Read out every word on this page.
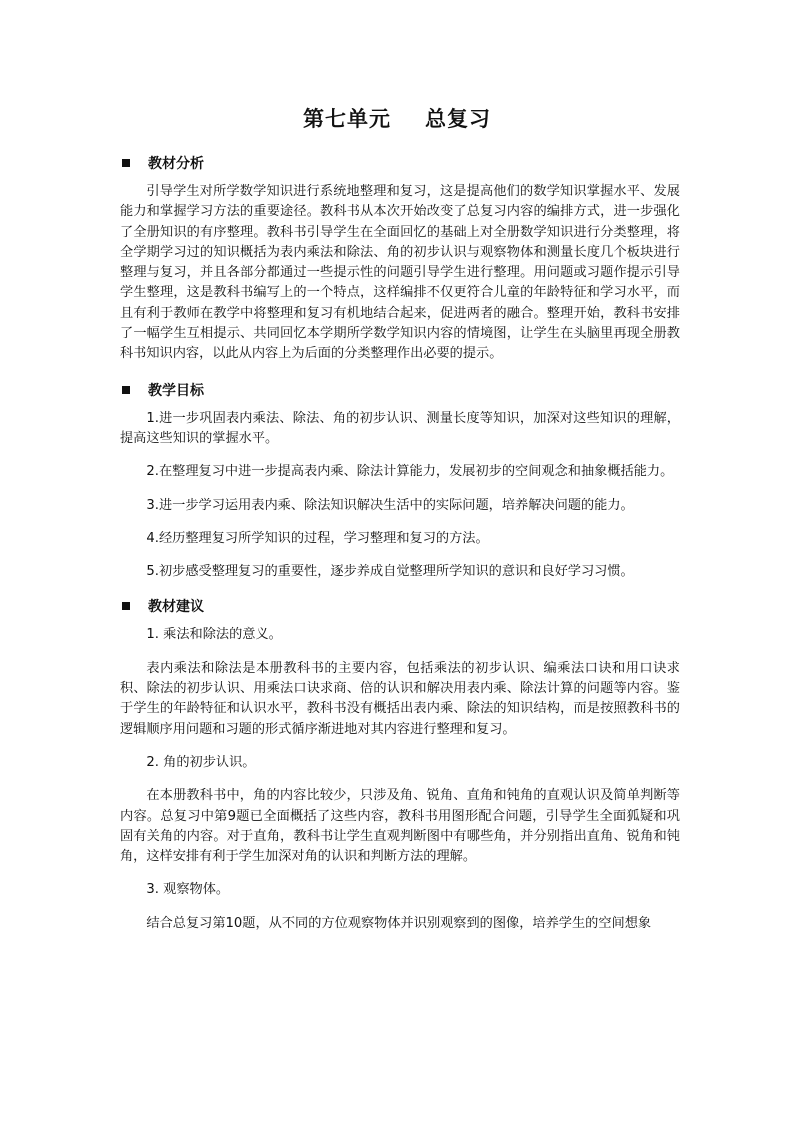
第七单元 总复习
教材分析

引导学生对所学数学知识进行系统地整理和复习，这是提高他们的数学知识掌握水平、发展能力和掌握学习方法的重要途径。教科书从本次开始改变了总复习内容的编排方式，进一步强化了全册知识的有序整理。教科书引导学生在全面回忆的基础上对全册数学知识进行分类整理，将全学期学习过的知识概括为表内乘法和除法、角的初步认识与观察物体和测量长度几个板块进行整理与复习，并且各部分都通过一些提示性的问题引导学生进行整理。用问题或习题作提示引导学生整理，这是教科书编写上的一个特点，这样编排不仅更符合儿童的年龄特征和学习水平，而且有利于教师在教学中将整理和复习有机地结合起来，促进两者的融合。整理开始，教科书安排了一幅学生互相提示、共同回忆本学期所学数学知识内容的情境图，让学生在头脑里再现全册教科书知识内容，以此从内容上为后面的分类整理作出必要的提示。

教学目标

1.进一步巩固表内乘法、除法、角的初步认识、测量长度等知识，加深对这些知识的理解，提高这些知识的掌握水平。

2.在整理复习中进一步提高表内乘、除法计算能力，发展初步的空间观念和抽象概括能力。

3.进一步学习运用表内乘、除法知识解决生活中的实际问题，培养解决问题的能力。

4.经历整理复习所学知识的过程，学习整理和复习的方法。

5.初步感受整理复习的重要性，逐步养成自觉整理所学知识的意识和良好学习习惯。

教材建议

1. 乘法和除法的意义。

表内乘法和除法是本册教科书的主要内容，包括乘法的初步认识、编乘法口诀和用口诀求积、除法的初步认识、用乘法口诀求商、倍的认识和解决用表内乘、除法计算的问题等内容。鉴于学生的年龄特征和认识水平，教科书没有概括出表内乘、除法的知识结构，而是按照教科书的逻辑顺序用问题和习题的形式循序渐进地对其内容进行整理和复习。

2. 角的初步认识。

在本册教科书中，角的内容比较少，只涉及角、锐角、直角和钝角的直观认识及简单判断等内容。总复习中第9题已全面概括了这些内容，教科书用图形配合问题，引导学生全面狐疑和巩固有关角的内容。对于直角，教科书让学生直观判断图中有哪些角，并分别指出直角、锐角和钝角，这样安排有利于学生加深对角的认识和判断方法的理解。

3. 观察物体。

结合总复习第10题，从不同的方位观察物体并识别观察到的图像，培养学生的空间想象
